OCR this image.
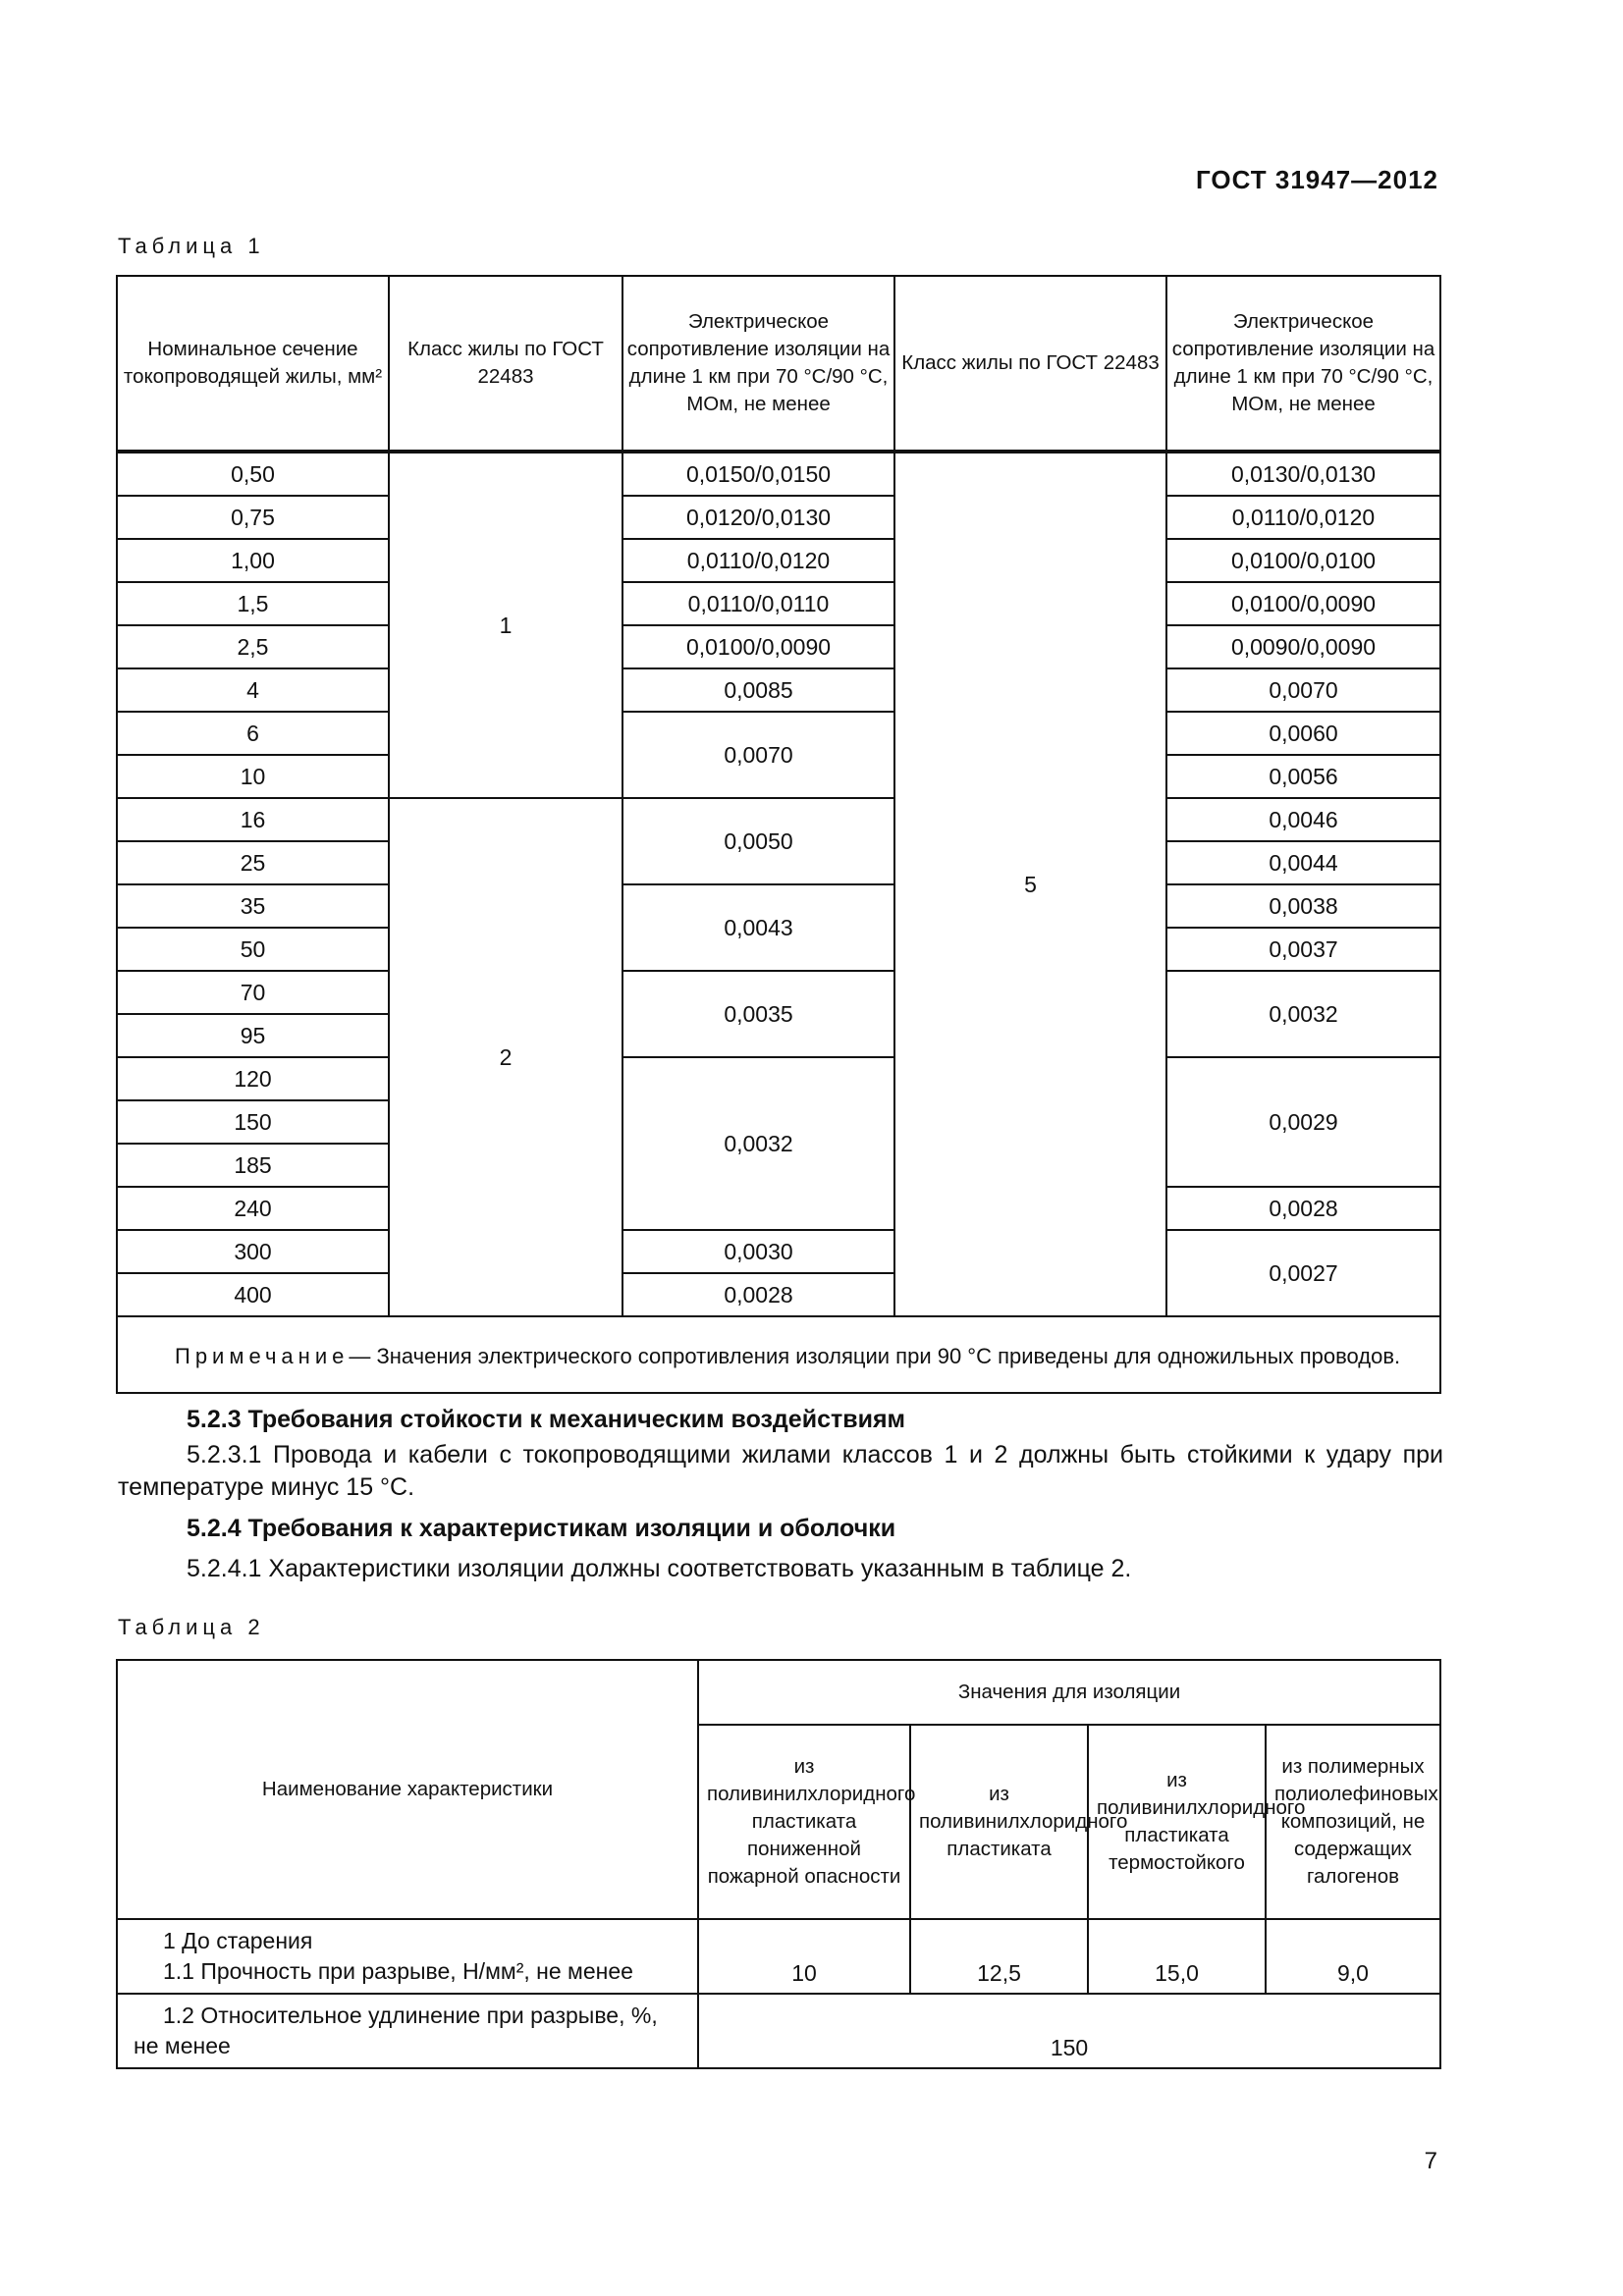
ГОСТ 31947—2012
Таблица 1
Номинальное сечение токопроводящей жилы, мм²	Класс жилы по ГОСТ 22483	Электрическое сопротивление изоляции на длине 1 км при 70 °С/90 °С, МОм, не менее	Класс жилы по ГОСТ 22483	Электрическое сопротивление изоляции на длине 1 км при 70 °С/90 °С, МОм, не менее
0,50	1	0,0150/0,0150	5	0,0130/0,0130
0,75		0,0120/0,0130		0,0110/0,0120
1,00		0,0110/0,0120		0,0100/0,0100
1,5		0,0110/0,0110		0,0100/0,0090
2,5		0,0100/0,0090		0,0090/0,0090
4		0,0085		0,0070
6		0,0070		0,0060
10				0,0056
16	2	0,0050		0,0046
25				0,0044
35		0,0043		0,0038
50				0,0037
70		0,0035		0,0032
95				
120		0,0032		0,0029
150				
185				
240				0,0028
300		0,0030		0,0027
400		0,0028		
Примечание— Значения электрического сопротивления изоляции при 90 °С приведены для одножильных проводов.				
5.2.3 Требования стойкости к механическим воздействиям
5.2.3.1 Провода и кабели с токопроводящими жилами классов 1 и 2 должны быть стойкими к удару при температуре минус 15 °С.
5.2.4 Требования к характеристикам изоляции и оболочки
5.2.4.1 Характеристики изоляции должны соответствовать указанным в таблице 2.
Таблица 2
Наименование характеристики	Значения для изоляции			
	из поливинилхлоридного пластиката пониженной пожарной опасности	из поливинилхлоридного пластиката	из поливинилхлоридного пластиката термостойкого	из полимерных полиолефиновых композиций, не содержащих галогенов

1 До старения
1.1 Прочность при разрыве, Н/мм², не менее	10	12,5	15,0	9,0
1.2 Относительное удлинение при разрыве, %, не менее	150			
7
